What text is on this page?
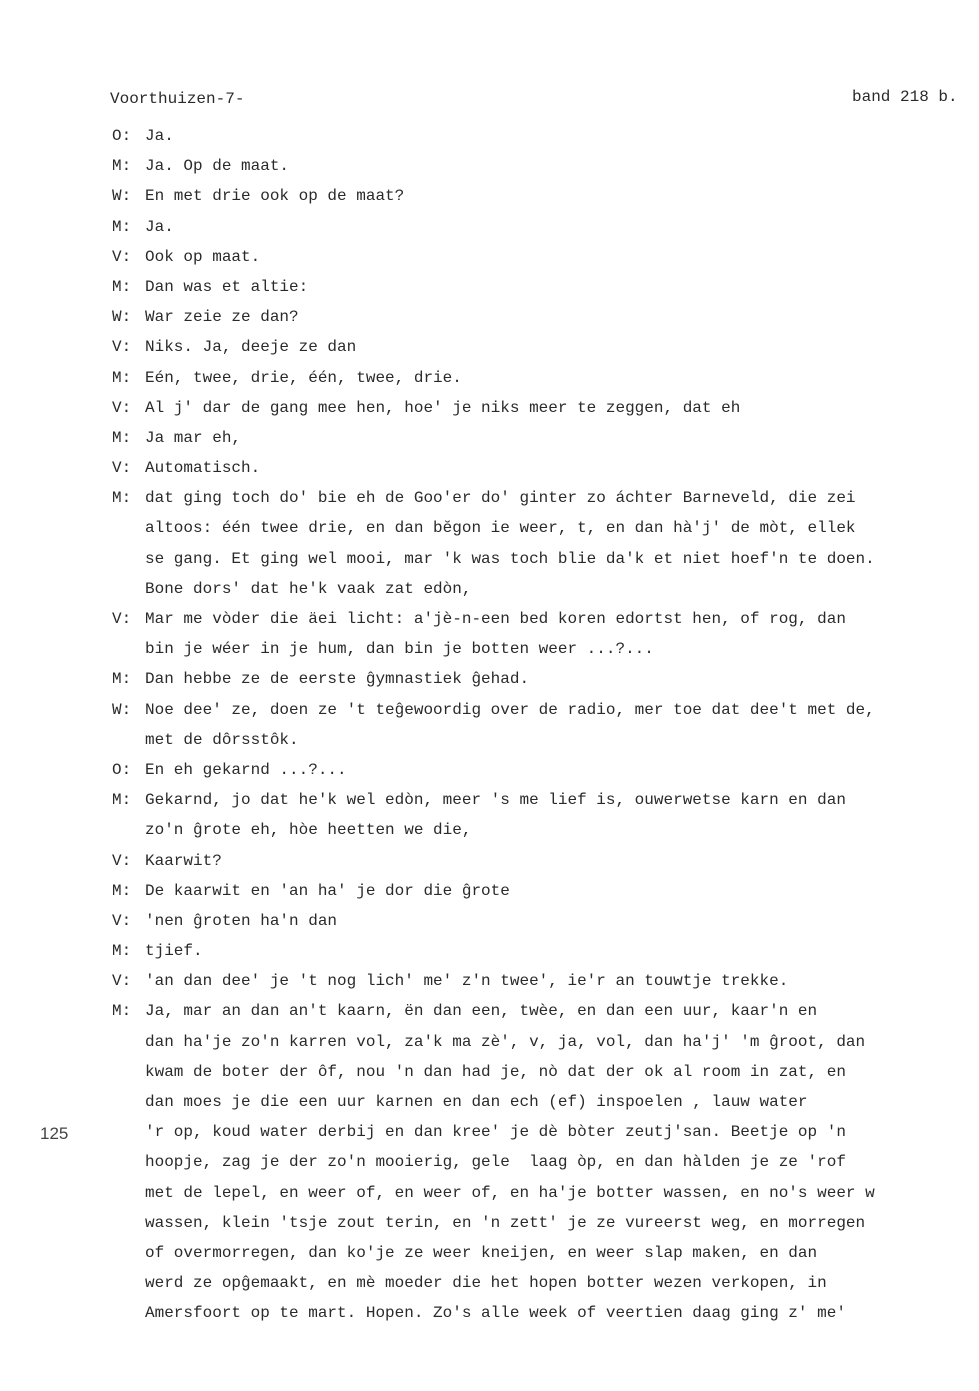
Voorthuizen-7-	band 218 b.
125
O: Ja.
M: Ja. Op de maat.
W: En met drie ook op de maat?
M: Ja.
V: Ook op maat.
M: Dan was et altie:
W: War zeie ze dan?
V: Niks. Ja, deeje ze dan
M: Eén, twee, drie, één, twee, drie.
V: Al j' dar de gang mee hen, hoe' je niks meer te zeggen, dat eh
M: Ja mar eh,
V: Automatisch.
M: dat ging toch do' bie eh de Goo'er do' ginter zo áchter Barneveld, die zei
altoos: één twee drie, en dan bĕgon ie weer, t, en dan hà'j' de mòt, ellek
se gang. Et ging wel mooi, mar 'k was toch blie da'k et niet hoef'n te doen.
Bone dors' dat he'k vaak zat edòn,
V: Mar me vòder die äei licht: a'jè-n-een bed koren edortst hen, of rog, dan
bin je wéer in je hum, dan bin je botten weer ...?...
M: Dan hebbe ze de eerste ĝymnastiek ĝehad.
W: Noe dee' ze, doen ze 't teĝewoordig over de radio, mer toe dat dee't met de,
met de dôrsstôk.
O: En eh gekarnd ...?...
M: Gekarnd, jo dat he'k wel edòn, meer 's me lief is, ouwerwetse karn en dan
zo'n ĝrote eh, hòe heetten we die,
V: Kaarwit?
M: De kaarwit en 'an ha' je dor die ĝrote
V: 'nen ĝroten ha'n dan
M: tjief.
V: 'an dan dee' je 't nog lich' me' z'n twee', ie'r an touwtje trekke.
M: Ja, mar an dan an't kaarn, ën dan een, twèe, en dan een uur, kaar'n en
dan ha'je zo'n karren vol, za'k ma zè', v, ja, vol, dan ha'j' 'm ĝroot, dan
kwam de boter der ôf, nou 'n dan had je, nò dat der ok al room in zat, en
dan moes je die een uur karnen en dan ech (ef) inspoelen , lauw water
'r op, koud water derbij en dan kree' je dè bòter zeutj'san. Beetje op 'n
hoopje, zag je der zo'n mooierig, gele  laag òp, en dan hàlden je ze 'rof
met de lepel, en weer of, en weer of, en ha'je botter wassen, en no's weer w
wassen, klein 'tsje zout terin, en 'n zett' je ze vureerst weg, en morregen
of overmorregen, dan ko'je ze weer kneijen, en weer slap maken, en dan
werd ze opĝemaakt, en mè moeder die het hopen botter wezen verkopen, in
Amersfoort op te mart. Hopen. Zo's alle week of veertien daag ging z' me'
